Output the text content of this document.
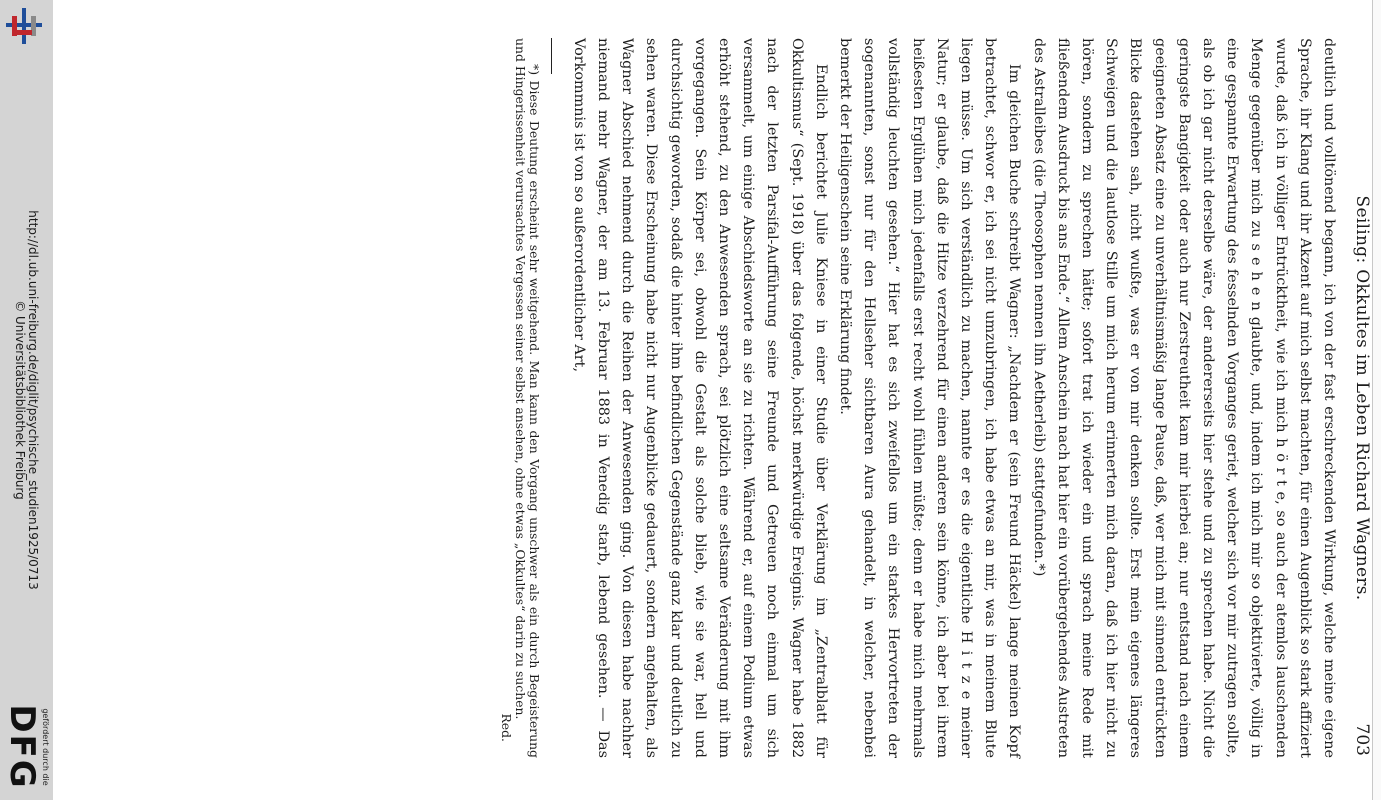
http://dl.ub.uni-freiburg.de/diglit/psychische_studien1925/0713
© Universitätsbibliothek Freiburg
gefördert durch die
DFG
Seiling: Okkultes im Leben Richard Wagners.
703

deutlich und volltönend begann, ich von der fast erschreckenden Wirkung, welche meine eigene Sprache, ihr Klang und ihr Akzent auf mich selbst machten, für einen Augenblick so stark affiziert wurde, daß ich in völliger Entrücktheit, wie ich mich h ö r t e, so auch der atemlos lauschenden Menge gegenüber mich zu s e h e n glaubte, und, indem ich mich mir so objektivierte, völlig in eine gespannte Erwartung des fesselnden Vorganges geriet, welcher sich vor mir zutragen sollte, als ob ich gar nicht derselbe wäre, der andererseits hier stehe und zu sprechen habe. Nicht die geringste Bangigkeit oder auch nur Zerstreutheit kam mir hierbei an; nur entstand nach einem geeigneten Absatz eine zu unverhältnismäßig lange Pause, daß, wer mich mit sinnend entrückten Blicke dastehen sah, nicht wußte, was er von mir denken sollte. Erst mein eigenes längeres Schweigen und die lautlose Stille um mich herum erinnerten mich daran, daß ich hier nicht zu hören, sondern zu sprechen hätte; sofort trat ich wieder ein und sprach meine Rede mit fließendem Ausdruck bis ans Ende.“ Allem Anschein nach hat hier ein vorübergehendes Austreten des Astralleibes (die Theosophen nennen ihn Aetherleib) stattgefunden.*)

Im gleichen Buche schreibt Wagner: „Nachdem er (sein Freund Häckel) lange meinen Kopf betrachtet, schwor er, ich sei nicht umzubringen, ich habe etwas an mir, was in meinem Blute liegen müsse. Um sich verständlich zu machen, nannte er es die eigentliche H i t z e meiner Natur; er glaube, daß die Hitze verzehrend für einen anderen sein könne, ich aber bei ihrem heißesten Erglühen mich jedenfalls erst recht wohl fühlen müßte; denn er habe mich mehrmals vollständig leuchten gesehen.“ Hier hat es sich zweifellos um ein starkes Hervortreten der sogenannten, sonst nur für den Hellseher sichtbaren Aura gehandelt, in welcher, nebenbei bemerkt der Heiligenschein seine Erklärung findet.

Endlich berichtet Julie Kniese in einer Studie über Verklärung im „Zentralblatt für Okkultismus“ (Sept. 1918) über das folgende, höchst merkwürdige Ereignis. Wagner habe 1882 nach der letzten Parsifal-Aufführung seine Freunde und Getreuen noch einmal um sich versammelt, um einige Abschiedsworte an sie zu richten. Während er, auf einem Podium etwas erhöht stehend, zu den Anwesenden sprach, sei plötzlich eine seltsame Veränderung mit ihm vorgegangen. Sein Körper sei, obwohl die Gestalt als solche blieb, wie sie war, hell und durchsichtig geworden, sodaß die hinter ihm befindlichen Gegenstände ganz klar und deutlich zu sehen waren. Diese Erscheinung habe nicht nur Augenblicke gedauert, sondern angehalten, als Wagner Abschied nehmend durch die Reihen der Anwesenden ging. Von diesen habe nachher niemand mehr Wagner, der am 13. Februar 1883 in Venedig starb, lebend gesehen. — Das Vorkommnis ist von so außerordentlicher Art,

*) Diese Deutung erscheint sehr weitgehend. Man kann den Vorgang unschwer als ein durch Begeisterung und Hingerissenheit verursachtes Vergessen seiner selbst ansehen, ohne etwas „Okkultes“ darin zu suchen.

Red.
